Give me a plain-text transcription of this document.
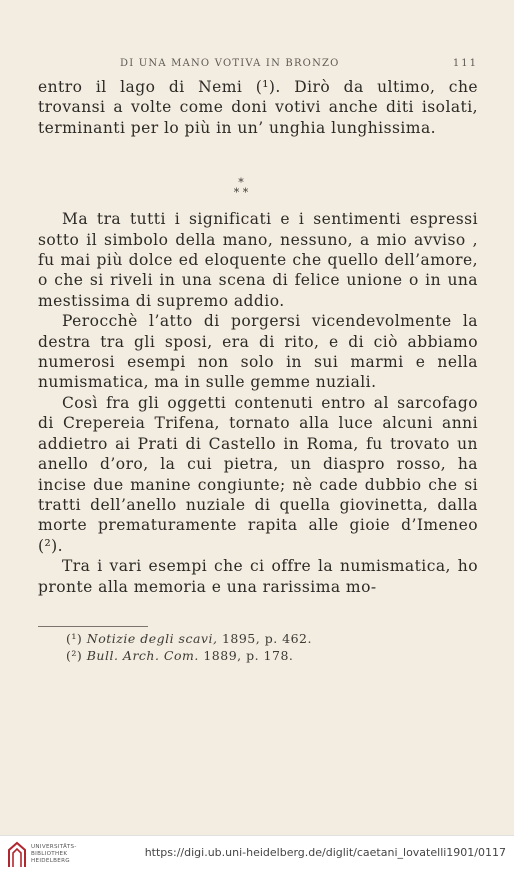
DI UNA MANO VOTIVA IN BRONZO	111

entro il lago di Nemi (¹). Dirò da ultimo, che trovansi a volte come doni votivi anche diti isolati, terminanti per lo più in un’ unghia lunghissima.

Ma tra tutti i significati e i sentimenti espressi sotto il simbolo della mano, nessuno, a mio avviso , fu mai più dolce ed eloquente che quello dell’amore, o che si riveli in una scena di felice unione o in una mestissima di supremo addio.

Perocchè l’atto di porgersi vicendevolmente la destra tra gli sposi, era di rito, e di ciò abbiamo numerosi esempi non solo in sui marmi e nella numismatica, ma in sulle gemme nuziali.

Così fra gli oggetti contenuti entro al sarcofago di Crepereia Trifena, tornato alla luce alcuni anni addietro ai Prati di Castello in Roma, fu trovato un anello d’oro, la cui pietra, un diaspro rosso, ha incise due manine congiunte; nè cade dubbio che si tratti dell’anello nuziale di quella giovinetta, dalla morte prematuramente rapita alle gioie d’Imeneo (²).

Tra i vari esempi che ci offre la numismatica, ho pronte alla memoria e una rarissima mo-

*
* *
(¹) Notizie degli scavi, 1895, p. 462.
(²) Bull. Arch. Com. 1889, p. 178.
UNIVERSITÄTS-
BIBLIOTHEK
HEIDELBERG
https://digi.ub.uni-heidelberg.de/diglit/caetani_lovatelli1901/0117
